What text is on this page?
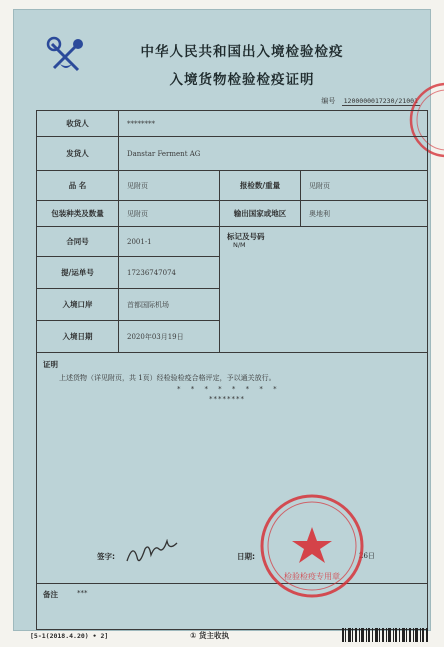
中华人民共和国出入境检验检疫
入境货物检验检疫证明
编号 1200000017230/21001
收货人	********
发货人	Danstar Ferment AG
品 名	见附页	报检数/重量	见附页
包装种类及数量	见附页	输出国家或地区	奥地利
合同号	2001-1
提/运单号	17236747074
入境口岸	首都国际机场
入境日期	2020年03月19日
标记及号码
N/M
证明
上述货物（详见附页，共 1页）经检验检疫合格评定，予以通关放行。
* * * * * * * *
********
签字:	日期:	26日
备注	***
检验检疫专用章
[5-1(2018.4.20) • 2]	① 货主收执
